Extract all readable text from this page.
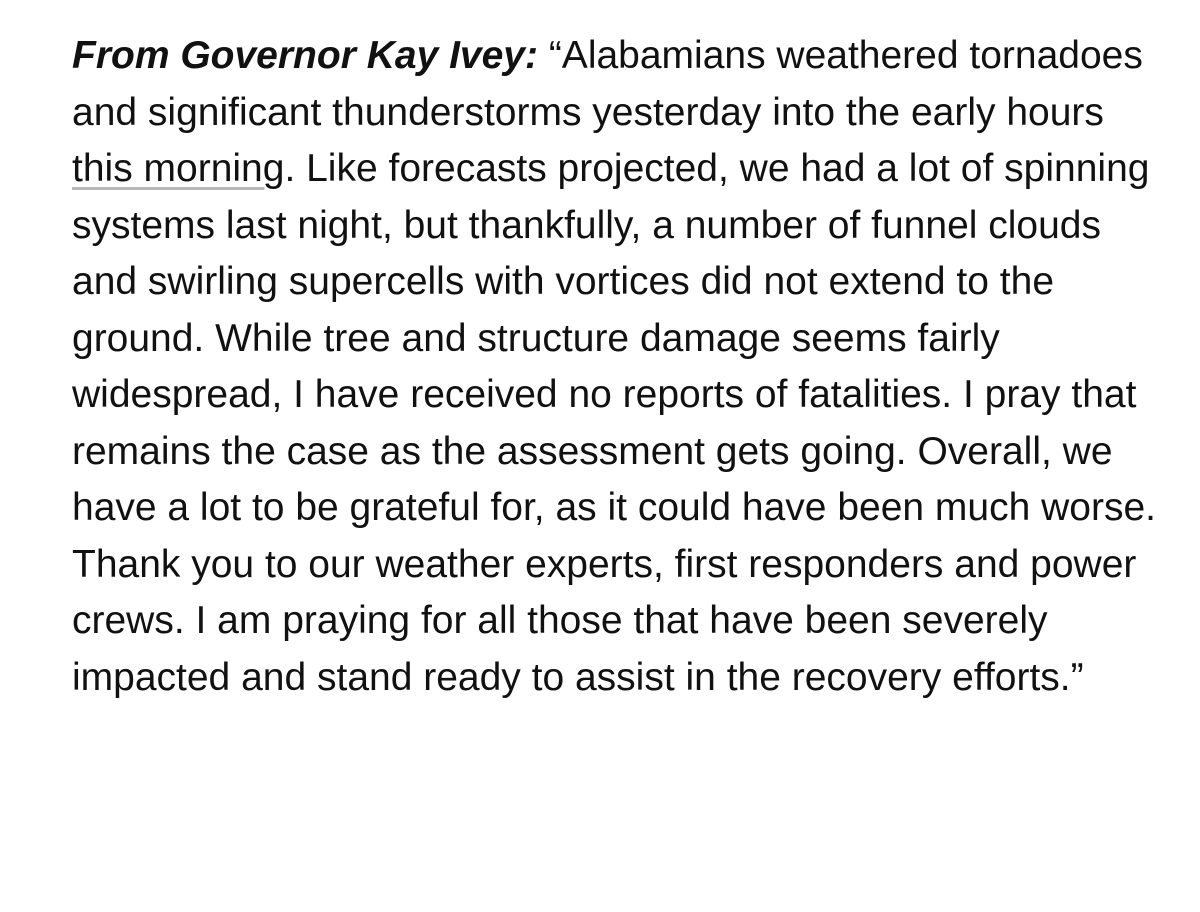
From Governor Kay Ivey: “Alabamians weathered tornadoes and significant thunderstorms yesterday into the early hours this morning. Like forecasts projected, we had a lot of spinning systems last night, but thankfully, a number of funnel clouds and swirling supercells with vortices did not extend to the ground. While tree and structure damage seems fairly widespread, I have received no reports of fatalities. I pray that remains the case as the assessment gets going. Overall, we have a lot to be grateful for, as it could have been much worse. Thank you to our weather experts, first responders and power crews. I am praying for all those that have been severely impacted and stand ready to assist in the recovery efforts.”
